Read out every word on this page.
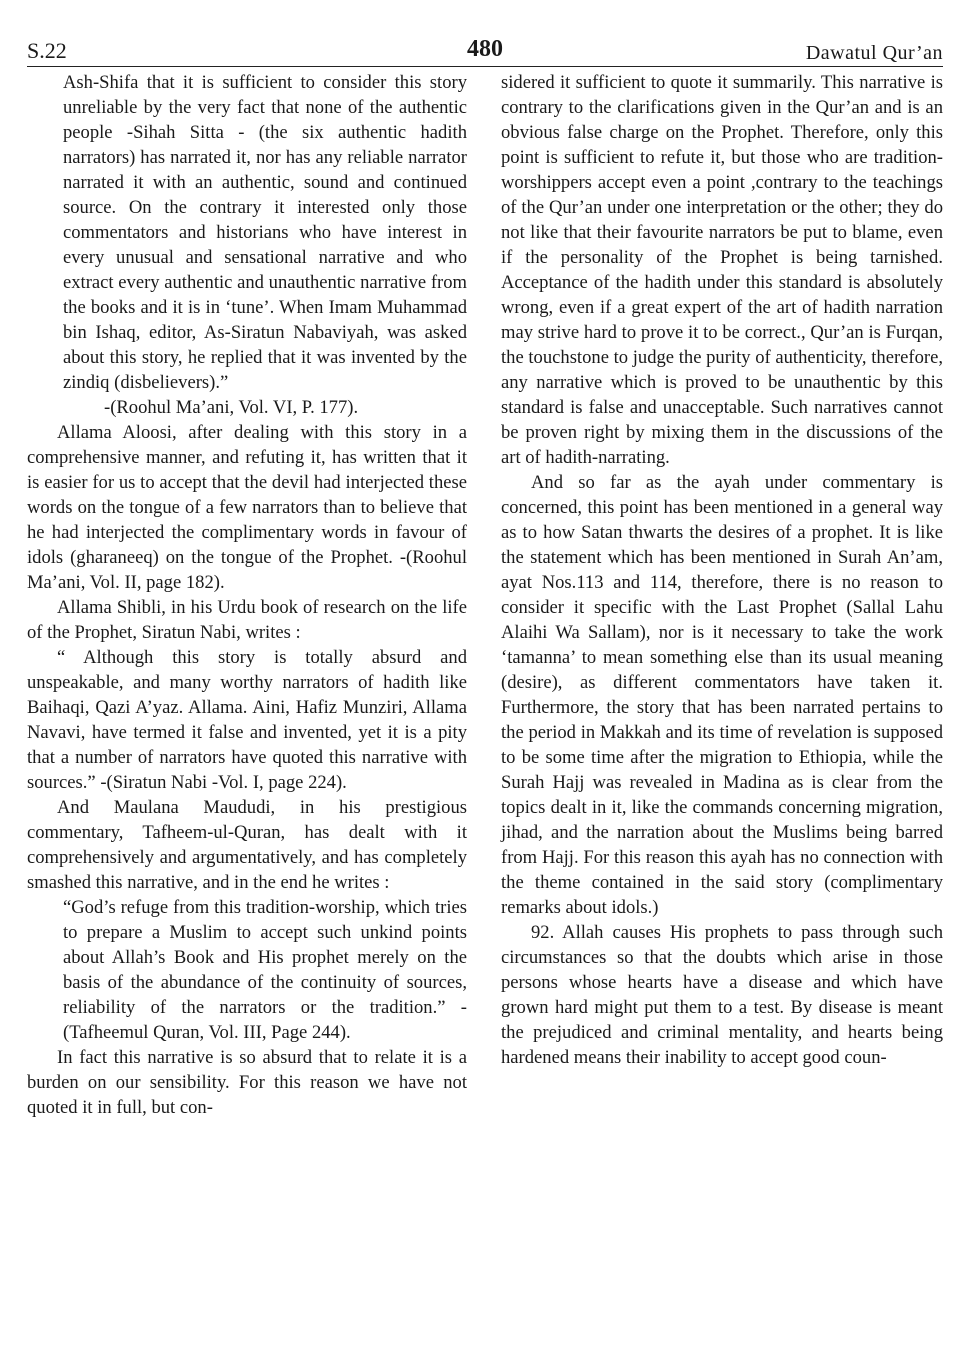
S.22	480	Dawatul Qur’an

Ash-Shifa that it is sufficient to consider this story unreliable by the very fact that none of the authentic people -Sihah Sitta - (the six authentic hadith narrators) has narrated it, nor has any reliable narrator narrated it with an authentic, sound and continued source. On the contrary it interested only those commentators and historians who have interest in every unusual and sensational narrative and who extract every authentic and unauthentic narrative from the books and it is in ‘tune’. When Imam Muhammad bin Ishaq, editor, As-Siratun Nabaviyah, was asked about this story, he replied that it was invented by the zindiq (disbelievers).”

-(Roohul Ma’ani, Vol. VI, P. 177).

Allama Aloosi, after dealing with this story in a comprehensive manner, and refuting it, has written that it is easier for us to accept that the devil had interjected these words on the tongue of a few narrators than to believe that he had interjected the complimentary words in favour of idols (gharaneeq) on the tongue of the Prophet. -(Roohul Ma’ani, Vol. II, page 182).

Allama Shibli, in his Urdu book of research on the life of the Prophet, Siratun Nabi, writes :

“ Although this story is totally absurd and unspeakable, and many worthy narrators of hadith like Baihaqi, Qazi A’yaz. Allama. Aini, Hafiz Munziri, Allama Navavi, have termed it false and invented, yet it is a pity that a number of narrators have quoted this narrative with sources.” -(Siratun Nabi -Vol. I, page 224).

And Maulana Maududi, in his prestigious commentary, Tafheem-ul-Quran, has dealt with it comprehensively and argumentatively, and has completely smashed this narrative, and in the end he writes :

“God’s refuge from this tradition-worship, which tries to prepare a Muslim to accept such unkind points about Allah’s Book and His prophet merely on the basis of the abundance of the continuity of sources, reliability of the narrators or the tradition.” -(Tafheemul Quran, Vol. III, Page 244).

In fact this narrative is so absurd that to relate it is a burden on our sensibility. For this reason we have not quoted it in full, but con-

sidered it sufficient to quote it summarily. This narrative is contrary to the clarifications given in the Qur’an and is an obvious false charge on the Prophet. Therefore, only this point is sufficient to refute it, but those who are tradition-worshippers accept even a point ,contrary to the teachings of the Qur’an under one interpretation or the other; they do not like that their favourite narrators be put to blame, even if the personality of the Prophet is being tarnished. Acceptance of the hadith under this standard is absolutely wrong, even if a great expert of the art of hadith narration may strive hard to prove it to be correct., Qur’an is Furqan, the touchstone to judge the purity of authenticity, therefore, any narrative which is proved to be unauthentic by this standard is false and unacceptable. Such narratives cannot be proven right by mixing them in the discussions of the art of hadith-narrating.

And so far as the ayah under commentary is concerned, this point has been mentioned in a general way as to how Satan thwarts the desires of a prophet. It is like the statement which has been mentioned in Surah An’am, ayat Nos.113 and 114, therefore, there is no reason to consider it specific with the Last Prophet (Sallal Lahu Alaihi Wa Sallam), nor is it necessary to take the work ‘tamanna’ to mean something else than its usual meaning (desire), as different commentators have taken it. Furthermore, the story that has been narrated pertains to the period in Makkah and its time of revelation is supposed to be some time after the migration to Ethiopia, while the Surah Hajj was revealed in Madina as is clear from the topics dealt in it, like the commands concerning migration, jihad, and the narration about the Muslims being barred from Hajj. For this reason this ayah has no connection with the theme contained in the said story (complimentary remarks about idols.)

92. Allah causes His prophets to pass through such circumstances so that the doubts which arise in those persons whose hearts have a disease and which have grown hard might put them to a test. By disease is meant the prejudiced and criminal mentality, and hearts being hardened means their inability to accept good coun-
